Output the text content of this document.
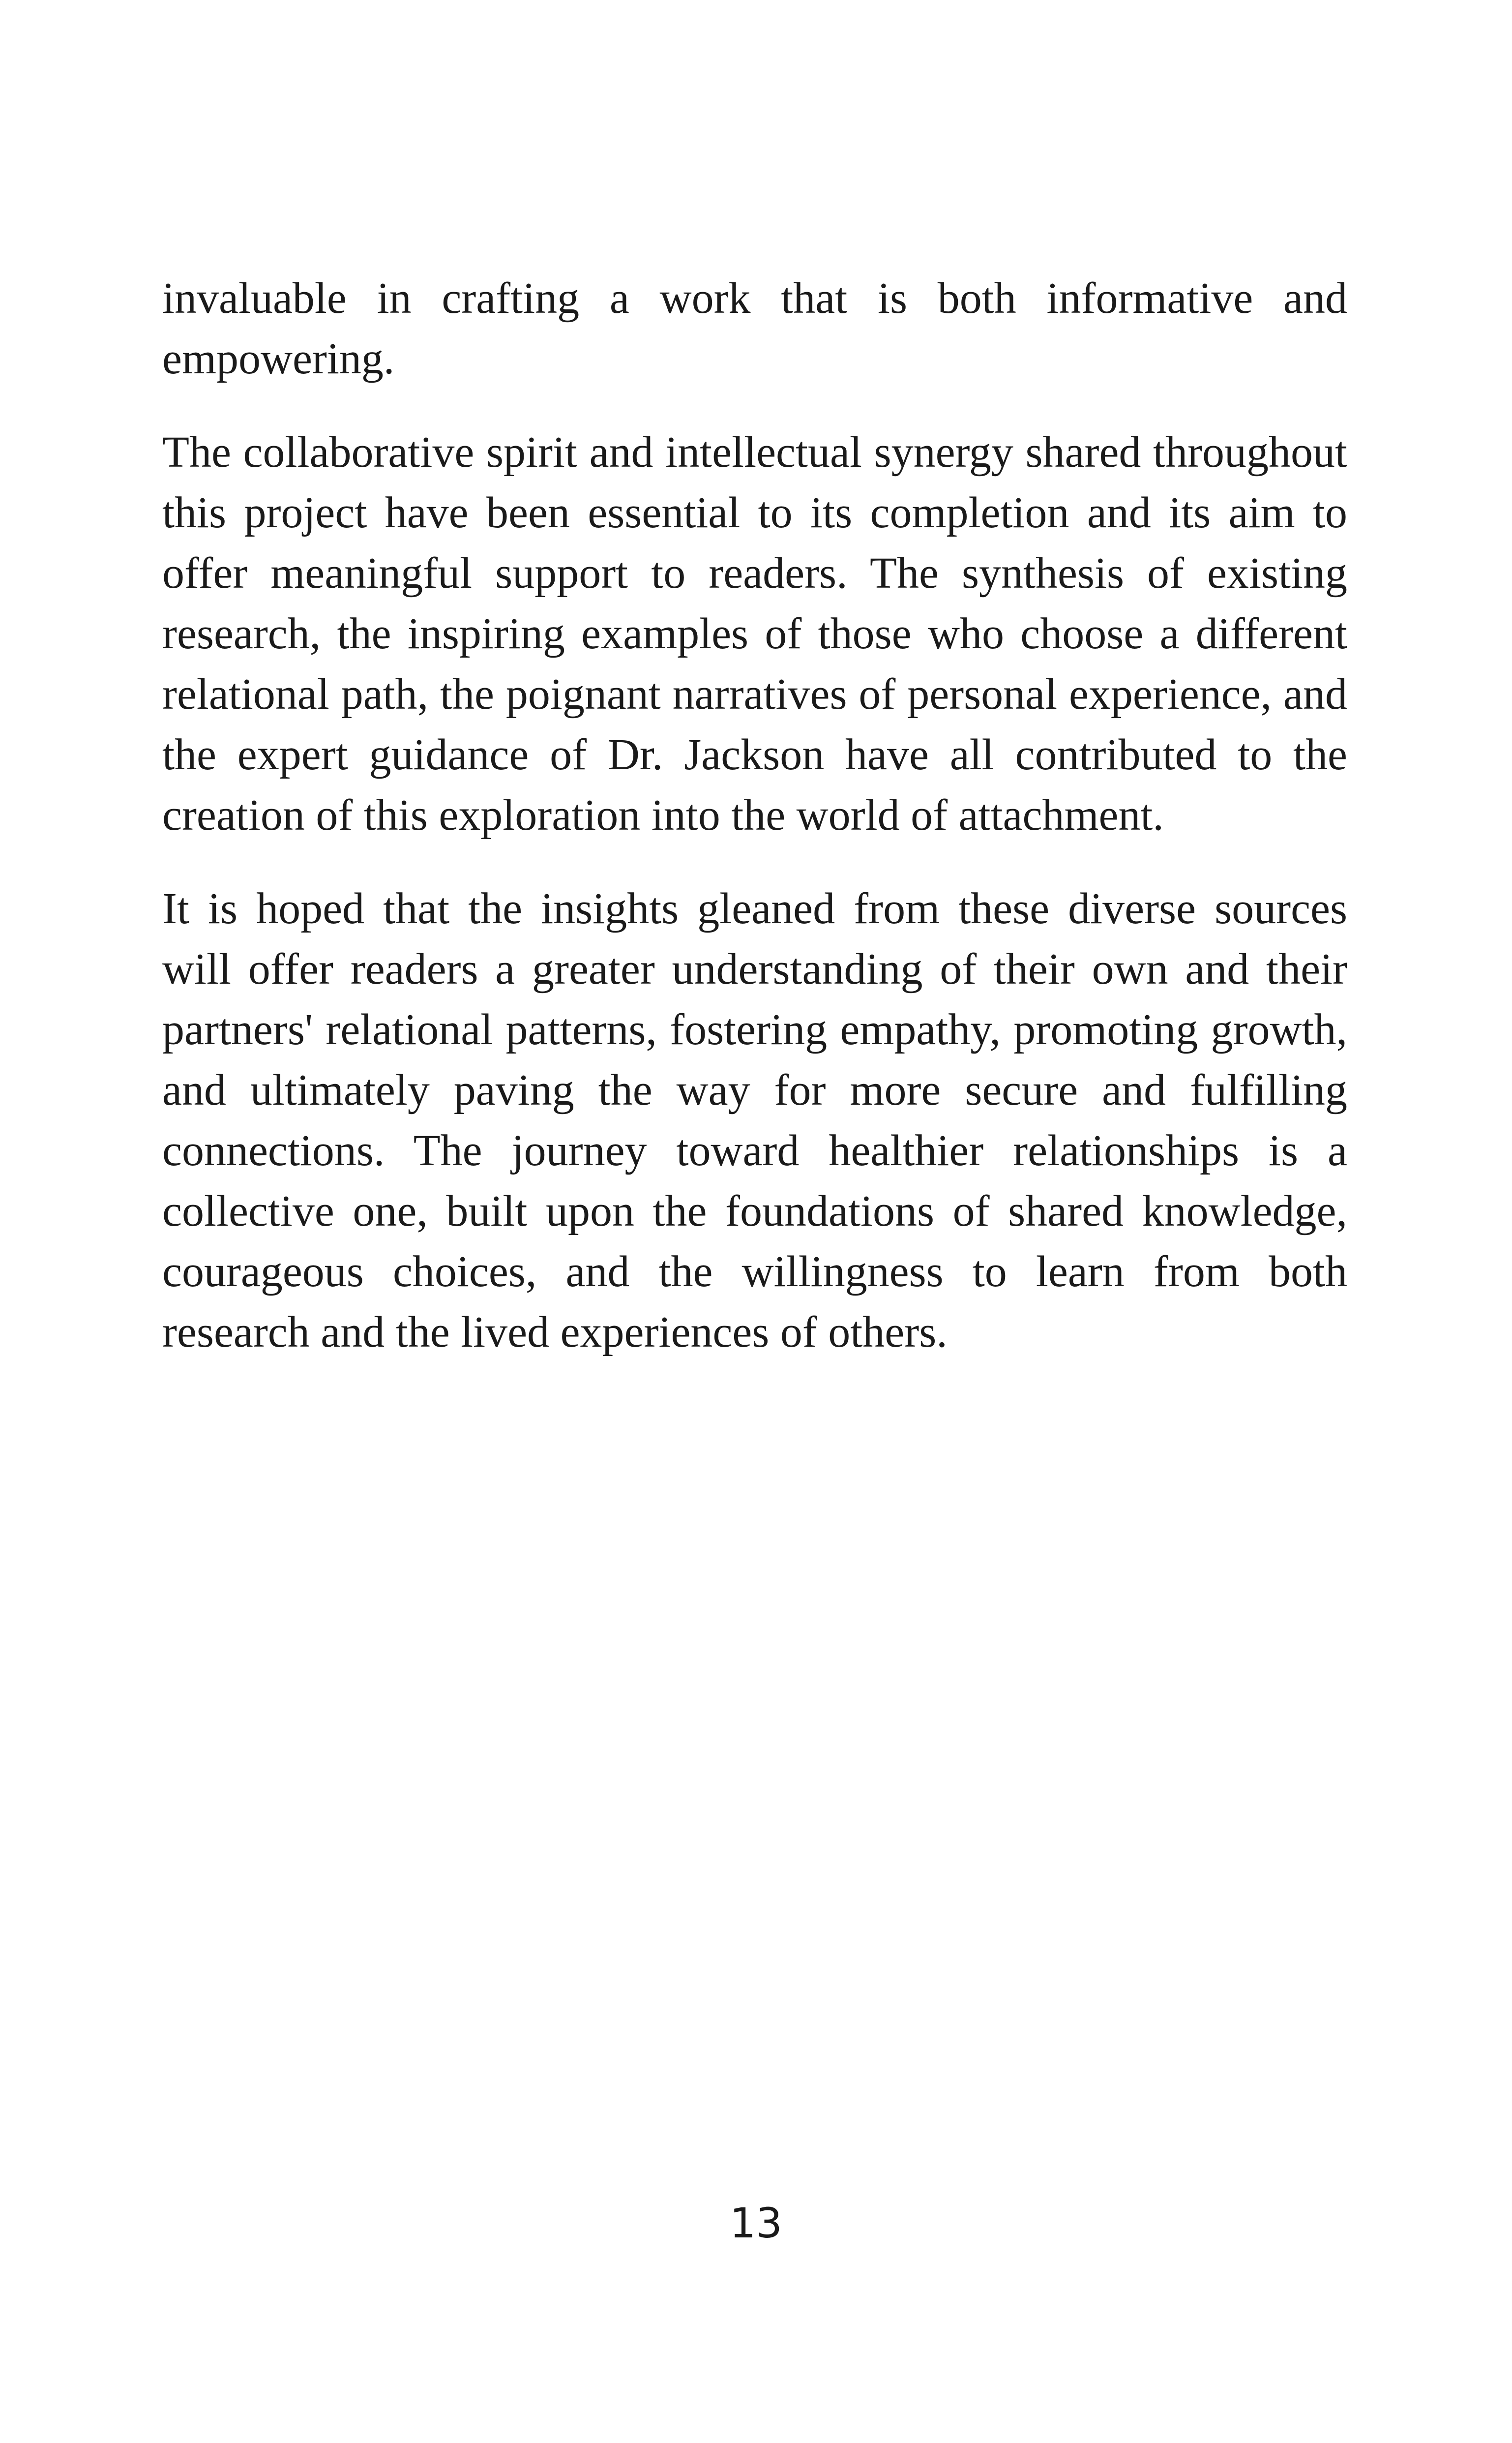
invaluable in crafting a work that is both informative and empowering.

The collaborative spirit and intellectual synergy shared throughout this project have been essential to its completion and its aim to offer meaningful support to readers. The synthesis of existing research, the inspiring examples of those who choose a different relational path, the poignant narratives of personal experience, and the expert guidance of Dr. Jackson have all contributed to the creation of this exploration into the world of attachment.

It is hoped that the insights gleaned from these diverse sources will offer readers a greater understanding of their own and their partners' relational patterns, fostering empathy, promoting growth, and ultimately paving the way for more secure and fulfilling connections. The journey toward healthier relationships is a collective one, built upon the foundations of shared knowledge, courageous choices, and the willingness to learn from both research and the lived experiences of others.

13
